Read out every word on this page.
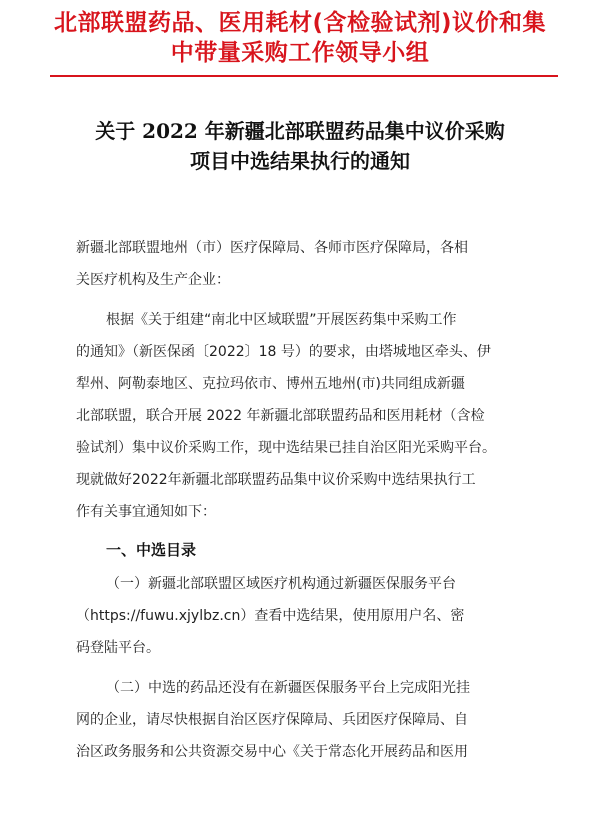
北部联盟药品、医用耗材(含检验试剂)议价和集
中带量采购工作领导小组
关于 2022 年新疆北部联盟药品集中议价采购
项目中选结果执行的通知
新疆北部联盟地州（市）医疗保障局、各师市医疗保障局，各相
关医疗机构及生产企业：
根据《关于组建“南北中区域联盟”开展医药集中采购工作
的通知》（新医保函〔2022〕18 号）的要求，由塔城地区牵头、伊
犁州、阿勒泰地区、克拉玛依市、博州五地州(市)共同组成新疆
北部联盟，联合开展 2022 年新疆北部联盟药品和医用耗材（含检
验试剂）集中议价采购工作，现中选结果已挂自治区阳光采购平台。
现就做好2022年新疆北部联盟药品集中议价采购中选结果执行工
作有关事宜通知如下：
一、中选目录
（一）新疆北部联盟区域医疗机构通过新疆医保服务平台
（https://fuwu.xjylbz.cn）查看中选结果，使用原用户名、密
码登陆平台。
（二）中选的药品还没有在新疆医保服务平台上完成阳光挂
网的企业，请尽快根据自治区医疗保障局、兵团医疗保障局、自
治区政务服务和公共资源交易中心《关于常态化开展药品和医用
